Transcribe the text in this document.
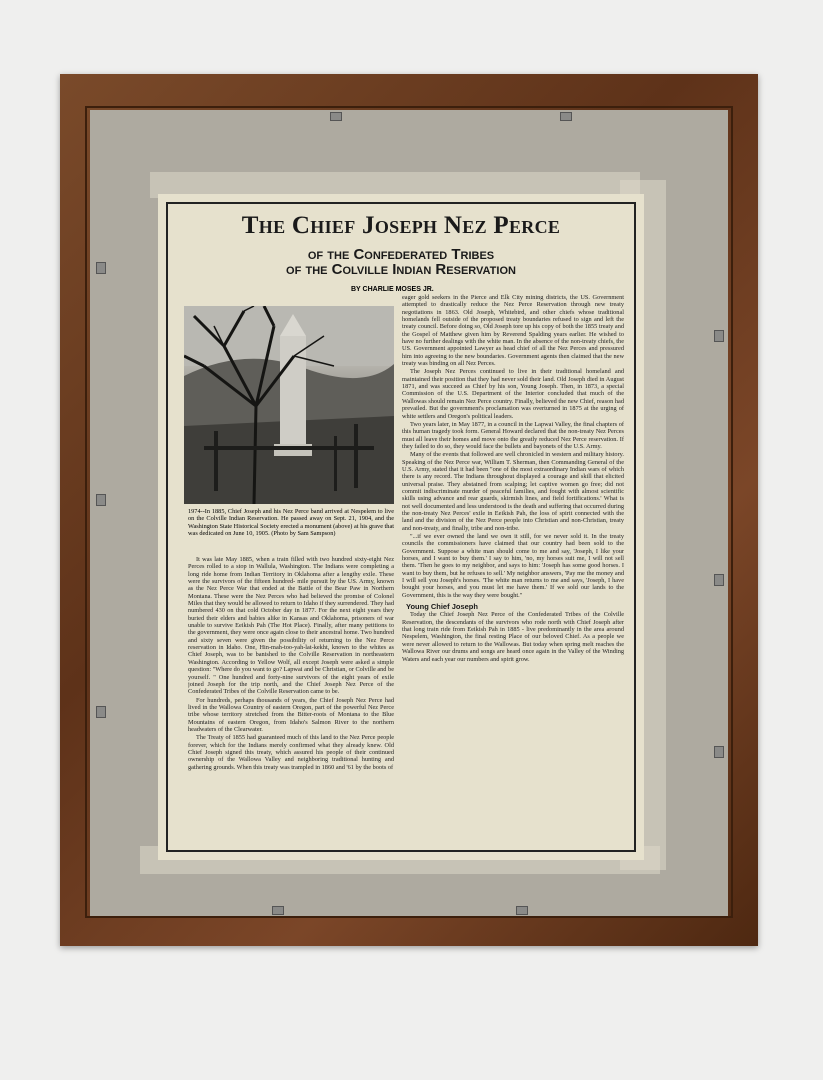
The Chief Joseph Nez Perce
of the Confederated Tribes
of the Colville Indian Reservation
BY CHARLIE MOSES JR.
1974--In 1885, Chief Joseph and his Nez Perce band arrived at Nespelem to live on the Colville Indian Reservation. He passed away on Sept. 21, 1904, and the Washington State Historical Society erected a monument (above) at his grave that was dedicated on June 10, 1905. (Photo by Sam Sampson)

It was late May 1885, when a train filled with two hundred sixty-eight Nez Perces rolled to a stop in Wallula, Washington. The Indians were completing a long ride home from Indian Territory in Oklahoma after a lengthy exile. These were the survivors of the fifteen hundred- mile pursuit by the US. Army, known as the Nez Perce War that ended at the Battle of the Bear Paw in Northern Montana. These were the Nez Perces who had believed the promise of Colonel Miles that they would be allowed to return to Idaho if they surrendered. They had numbered 430 on that cold October day in 1877. For the next eight years they buried their elders and babies alike in Kansas and Oklahoma, prisoners of war unable to survive Eeikish Pah (The Hot Place). Finally, after many petitions to the government, they were once again close to their ancestral home. Two hundred and sixty seven were given the possibility of returning to the Nez Perce reservation in Idaho. One, Hin-mah-too-yah-lat-kekht, known to the whites as Chief Joseph, was to be banished to the Colville Reservation in northeastern Washington. According to Yellow Wolf, all except Joseph were asked a simple question: "Where do you want to go? Lapwai and be Christian, or Colville and be yourself. " One hundred and forty-nine survivors of the eight years of exile joined Joseph for the trip north, and the Chief Joseph Nez Perce of the Confederated Tribes of the Colville Reservation came to be.

For hundreds, perhaps thousands of years, the Chief Joseph Nez Perce had lived in the Wallowa Country of eastern Oregon, part of the powerful Nez Perce tribe whose territory stretched from the Bitter-roots of Montana to the Blue Mountains of eastern Oregon, from Idaho's Salmon River to the northern headwaters of the Clearwater.

The Treaty of 1855 had guaranteed much of this land to the Nez Perce people forever, which for the Indians merely confirmed what they already knew. Old Chief Joseph signed this treaty, which assured his people of their continued ownership of the Wallowa Valley and neighboring traditional hunting and gathering grounds. When this treaty was trampled in 1860 and '61 by the boots of

eager gold seekers in the Pierce and Elk City mining districts, the US. Government attempted to drastically reduce the Nez Perce Reservation through new treaty negotiations in 1863. Old Joseph, Whitebird, and other chiefs whose traditional homelands fell outside of the proposed treaty boundaries refused to sign and left the treaty council. Before doing so, Old Joseph tore up his copy of both the 1855 treaty and the Gospel of Matthew given him by Reverend Spalding years earlier. He wished to have no further dealings with the white man. In the absence of the non-treaty chiefs, the US. Government appointed Lawyer as head chief of all the Nez Perces and pressured him into agreeing to the new boundaries. Government agents then claimed that the new treaty was binding on all Nez Perces.

The Joseph Nez Perces continued to live in their traditional homeland and maintained their position that they had never sold their land. Old Joseph died in August 1871, and was succeed as Chief by his son, Young Joseph. Then, in 1873, a special Commission of the U.S. Department of the Interior concluded that much of the Wallowas should remain Nez Perce country. Finally, believed the new Chief, reason had prevailed. But the government's proclamation was overturned in 1875 at the urging of white settlers and Oregon's political leaders.

Two years later, in May 1877, in a council in the Lapwai Valley, the final chapters of this human tragedy took form. General Howard declared that the non-treaty Nez Perces must all leave their homes and move onto the greatly reduced Nez Perce reservation. If they failed to do so, they would face the bullets and bayonets of the U.S. Army.

Many of the events that followed are well chronicled in western and military history. Speaking of the Nez Perce war, William T. Sherman, then Commanding General of the U.S. Army, stated that it had been "one of the most extraordinary Indian wars of which there is any record. The Indians throughout displayed a courage and skill that elicited universal praise. They abstained from scalping; let captive women go free; did not commit indiscriminate murder of peaceful families, and fought with almost scientific skills using advance and rear guards, skirmish lines, and field fortifications.' What is not well documented and less understood is the death and suffering that occurred during the non-treaty Nez Perces' exile in Eeikish Pah, the loss of spirit connected with the land and the division of the Nez Perce people into Christian and non-Christian, treaty and non-treaty, and finally, tribe and non-tribe.

"...if we ever owned the land we own it still, for we never sold it. In the treaty councils the commissioners have claimed that our country had been sold to the Government. Suppose a white man should come to me and say, 'Joseph, I like your horses, and I want to buy them.' I say to him, 'no, my horses suit me, I will not sell them. 'Then he goes to my neighbor, and says to him: 'Joseph has some good horses. I want to buy them, but he refuses to sell.' My neighbor answers, 'Pay me the money and I will sell you Joseph's horses. 'The white man returns to me and says, 'Joseph, I have bought your horses, and you must let me have them.' If we sold our lands to the Government, this is the way they were bought."

Young Chief Joseph

Today the Chief Joseph Nez Perce of the Confederated Tribes of the Colville Reservation, the descendants of the survivors who rode north with Chief Joseph after that long train ride from Eeikish Pah in 1885 - live predominantly in the area around Nespelem, Washington, the final resting Place of our beloved Chief. As a people we were never allowed to return to the Wallowas. But today when spring melt reaches the Wallowa River our drums and songs are heard once again in the Valley of the Winding Waters and each year our numbers and spirit grow.
